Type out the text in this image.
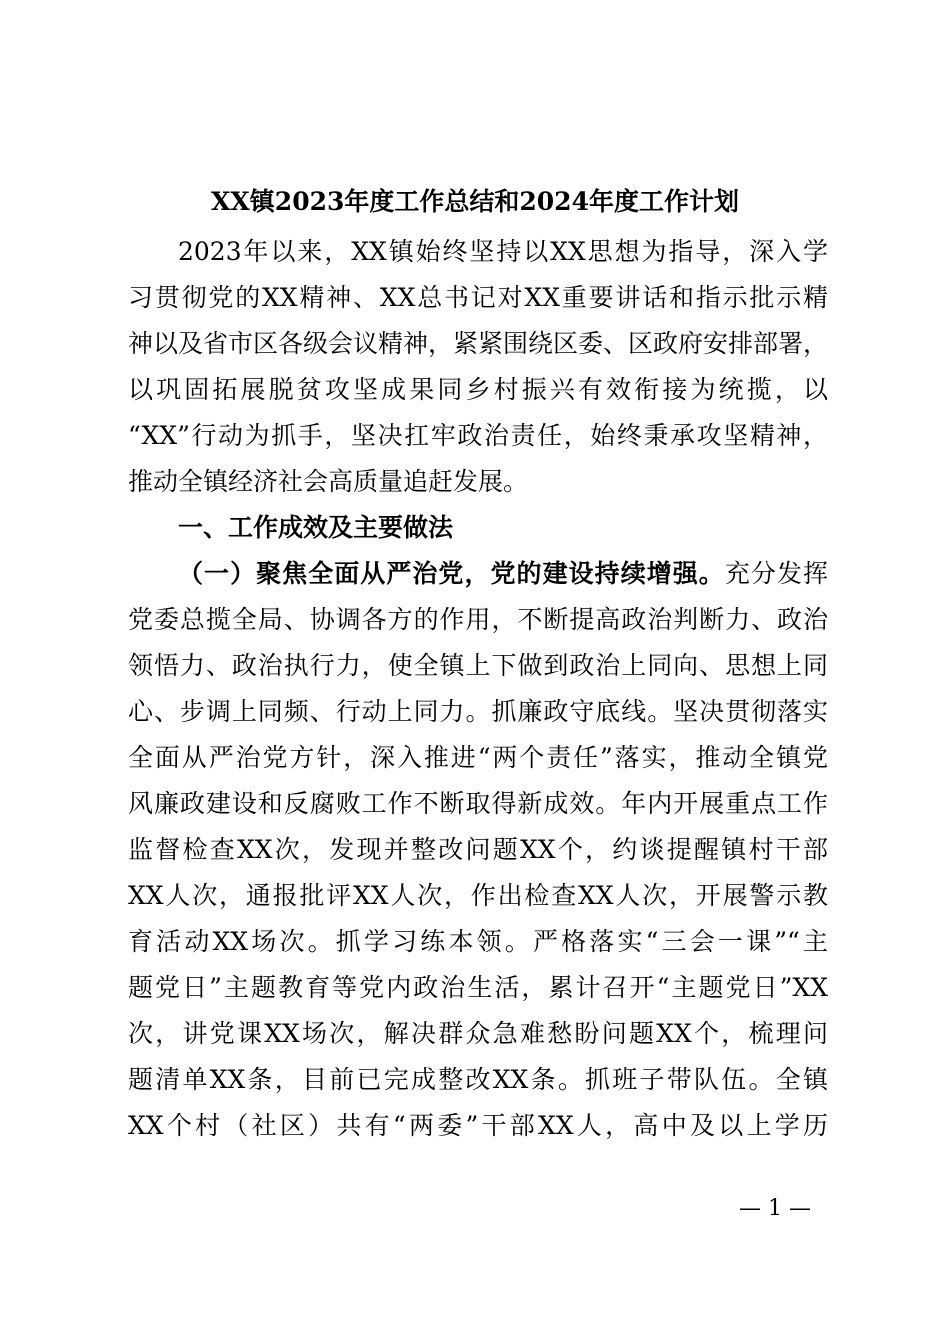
XX镇2023年度工作总结和2024年度工作计划
2023年以来，XX镇始终坚持以XX思想为指导，深入学
习贯彻党的XX精神、XX总书记对XX重要讲话和指示批示精
神以及省市区各级会议精神，紧紧围绕区委、区政府安排部署，
以巩固拓展脱贫攻坚成果同乡村振兴有效衔接为统揽，以
“XX”行动为抓手，坚决扛牢政治责任，始终秉承攻坚精神，
推动全镇经济社会高质量追赶发展。
一、工作成效及主要做法
（一）聚焦全面从严治党，党的建设持续增强。充分发挥
党委总揽全局、协调各方的作用，不断提高政治判断力、政治
领悟力、政治执行力，使全镇上下做到政治上同向、思想上同
心、步调上同频、行动上同力。抓廉政守底线。坚决贯彻落实
全面从严治党方针，深入推进“两个责任”落实，推动全镇党
风廉政建设和反腐败工作不断取得新成效。年内开展重点工作
监督检查XX次，发现并整改问题XX个，约谈提醒镇村干部
XX人次，通报批评XX人次，作出检查XX人次，开展警示教
育活动XX场次。抓学习练本领。严格落实“三会一课”“主
题党日”主题教育等党内政治生活，累计召开“主题党日”XX
次，讲党课XX场次，解决群众急难愁盼问题XX个，梳理问
题清单XX条，目前已完成整改XX条。抓班子带队伍。全镇
XX个村（社区）共有“两委”干部XX人，高中及以上学历
— 1 —
